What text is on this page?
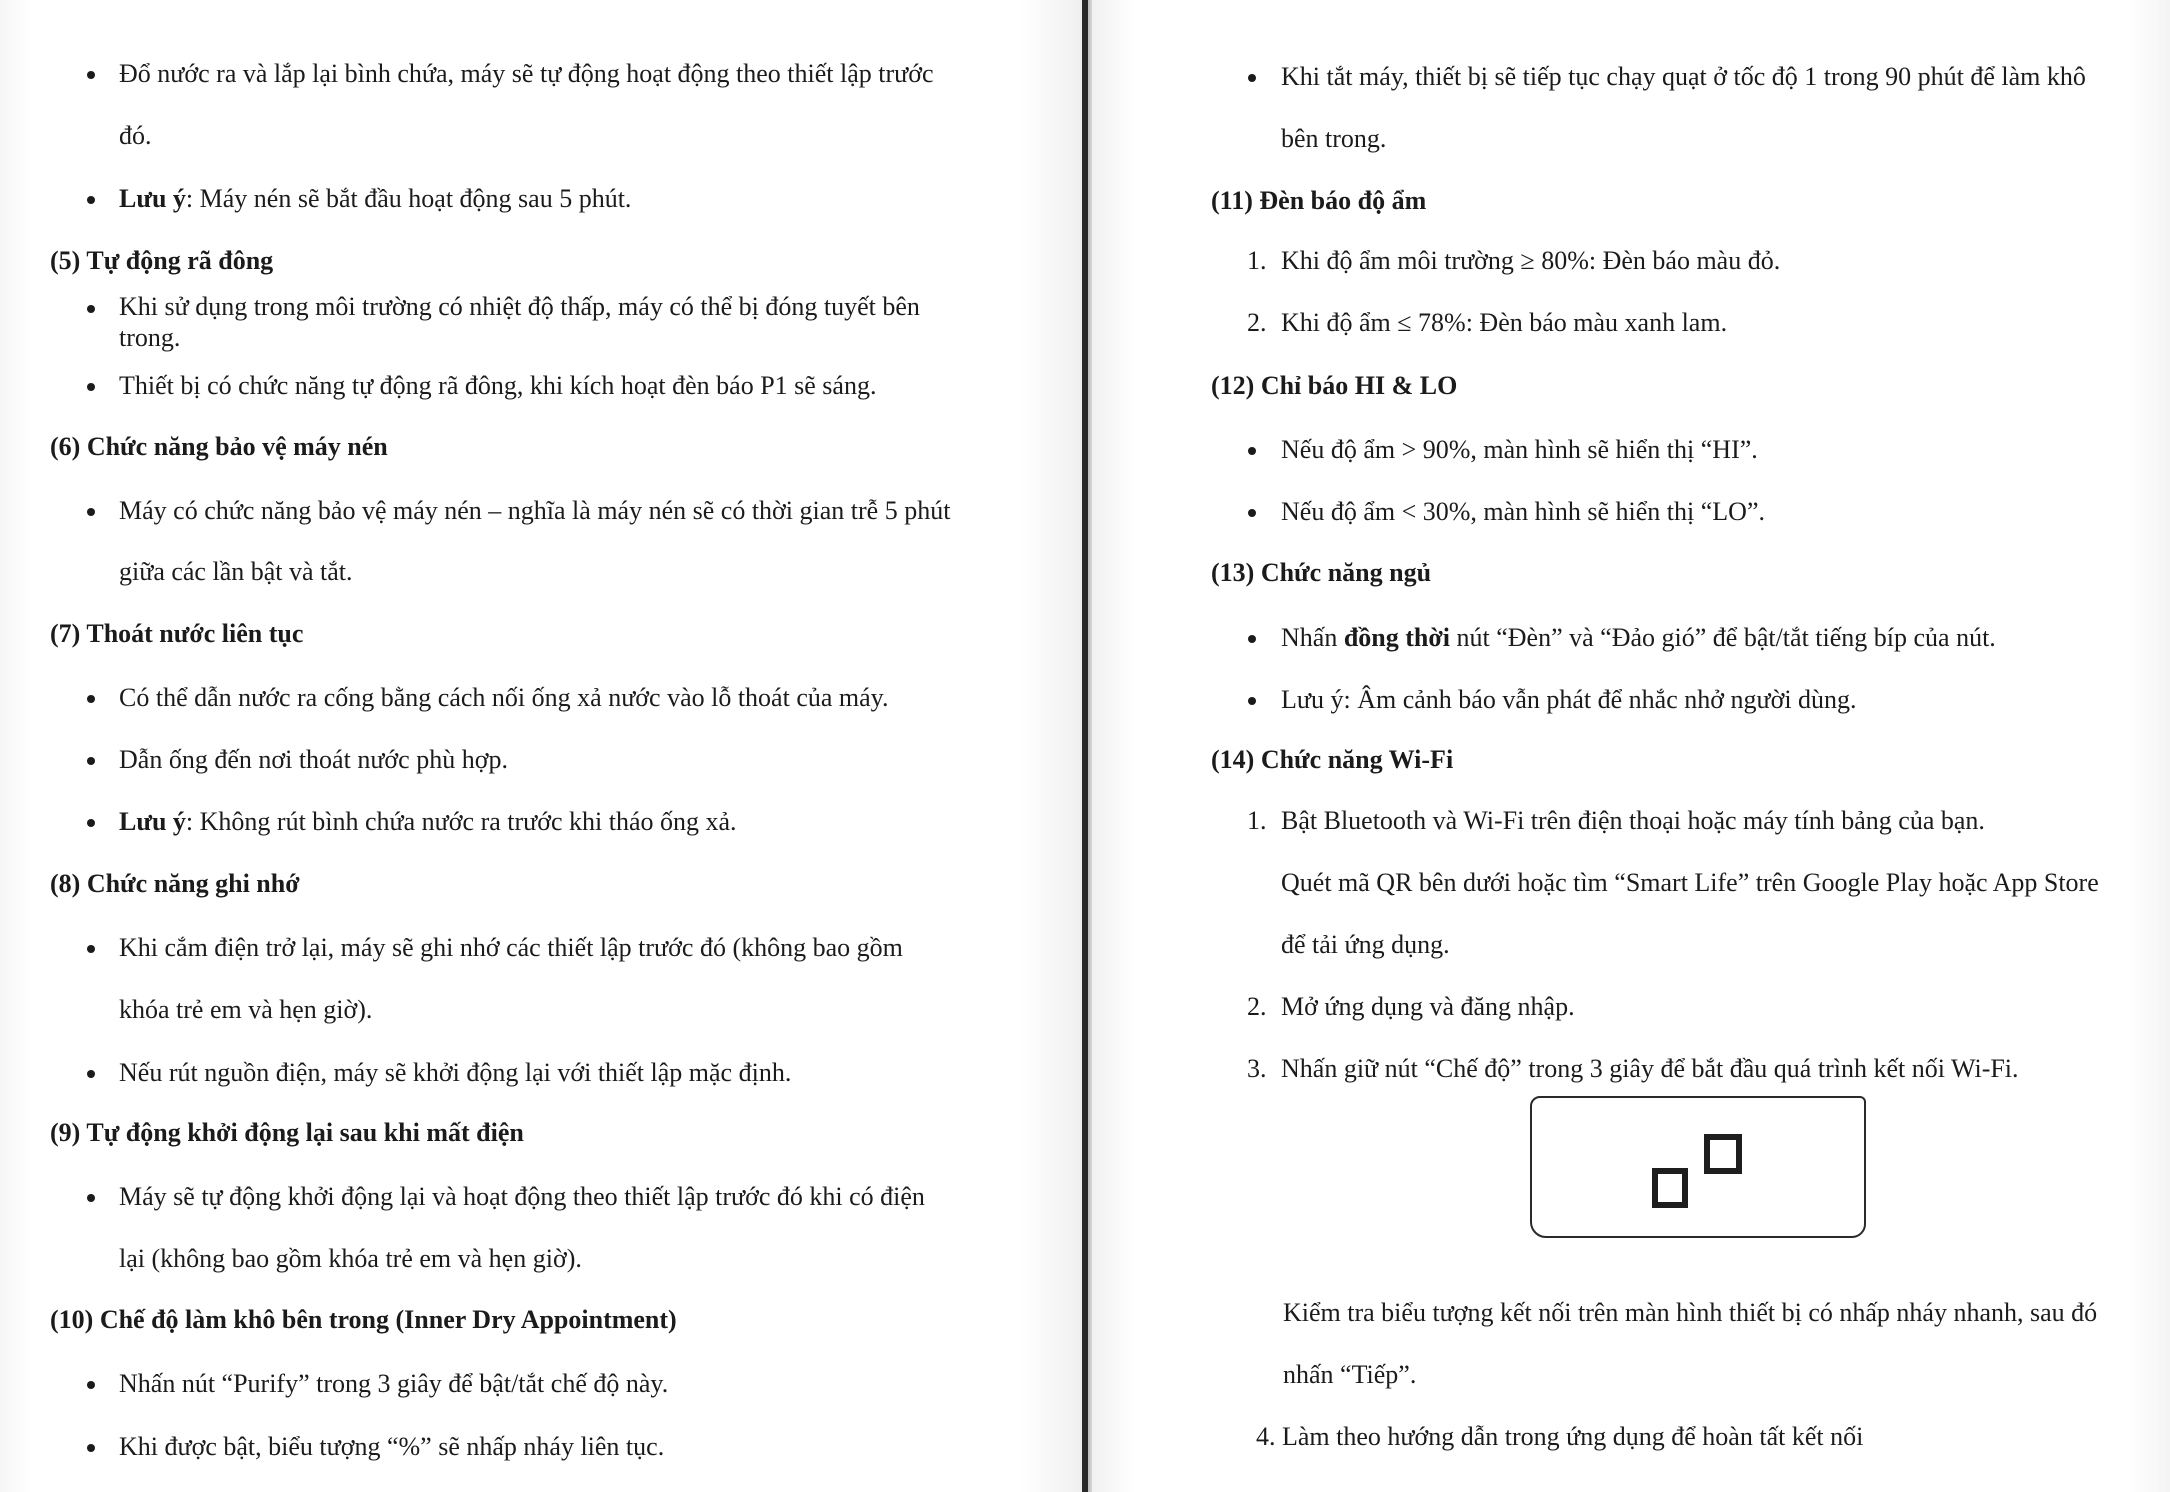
Đổ nước ra và lắp lại bình chứa, máy sẽ tự động hoạt động theo thiết lập trước
đó.
Lưu ý: Máy nén sẽ bắt đầu hoạt động sau 5 phút.
(5) Tự động rã đông
Khi sử dụng trong môi trường có nhiệt độ thấp, máy có thể bị đóng tuyết bên
trong.
Thiết bị có chức năng tự động rã đông, khi kích hoạt đèn báo P1 sẽ sáng.
(6) Chức năng bảo vệ máy nén
Máy có chức năng bảo vệ máy nén – nghĩa là máy nén sẽ có thời gian trễ 5 phút
giữa các lần bật và tắt.
(7) Thoát nước liên tục
Có thể dẫn nước ra cống bằng cách nối ống xả nước vào lỗ thoát của máy.
Dẫn ống đến nơi thoát nước phù hợp.
Lưu ý: Không rút bình chứa nước ra trước khi tháo ống xả.
(8) Chức năng ghi nhớ
Khi cắm điện trở lại, máy sẽ ghi nhớ các thiết lập trước đó (không bao gồm
khóa trẻ em và hẹn giờ).
Nếu rút nguồn điện, máy sẽ khởi động lại với thiết lập mặc định.
(9) Tự động khởi động lại sau khi mất điện
Máy sẽ tự động khởi động lại và hoạt động theo thiết lập trước đó khi có điện
lại (không bao gồm khóa trẻ em và hẹn giờ).
(10) Chế độ làm khô bên trong (Inner Dry Appointment)
Nhấn nút “Purify” trong 3 giây để bật/tắt chế độ này.
Khi được bật, biểu tượng “%” sẽ nhấp nháy liên tục.
Khi tắt máy, thiết bị sẽ tiếp tục chạy quạt ở tốc độ 1 trong 90 phút để làm khô
bên trong.
(11) Đèn báo độ ẩm
1. Khi độ ẩm môi trường ≥ 80%: Đèn báo màu đỏ.
2. Khi độ ẩm ≤ 78%: Đèn báo màu xanh lam.
(12) Chỉ báo HI & LO
Nếu độ ẩm > 90%, màn hình sẽ hiển thị “HI”.
Nếu độ ẩm < 30%, màn hình sẽ hiển thị “LO”.
(13) Chức năng ngủ
Nhấn đồng thời nút “Đèn” và “Đảo gió” để bật/tắt tiếng bíp của nút.
Lưu ý: Âm cảnh báo vẫn phát để nhắc nhở người dùng.
(14) Chức năng Wi-Fi
1. Bật Bluetooth và Wi-Fi trên điện thoại hoặc máy tính bảng của bạn.
Quét mã QR bên dưới hoặc tìm “Smart Life” trên Google Play hoặc App Store
để tải ứng dụng.
2. Mở ứng dụng và đăng nhập.
3. Nhấn giữ nút “Chế độ” trong 3 giây để bắt đầu quá trình kết nối Wi-Fi.
Kiểm tra biểu tượng kết nối trên màn hình thiết bị có nhấp nháy nhanh, sau đó
nhấn “Tiếp”.
4. Làm theo hướng dẫn trong ứng dụng để hoàn tất kết nối
